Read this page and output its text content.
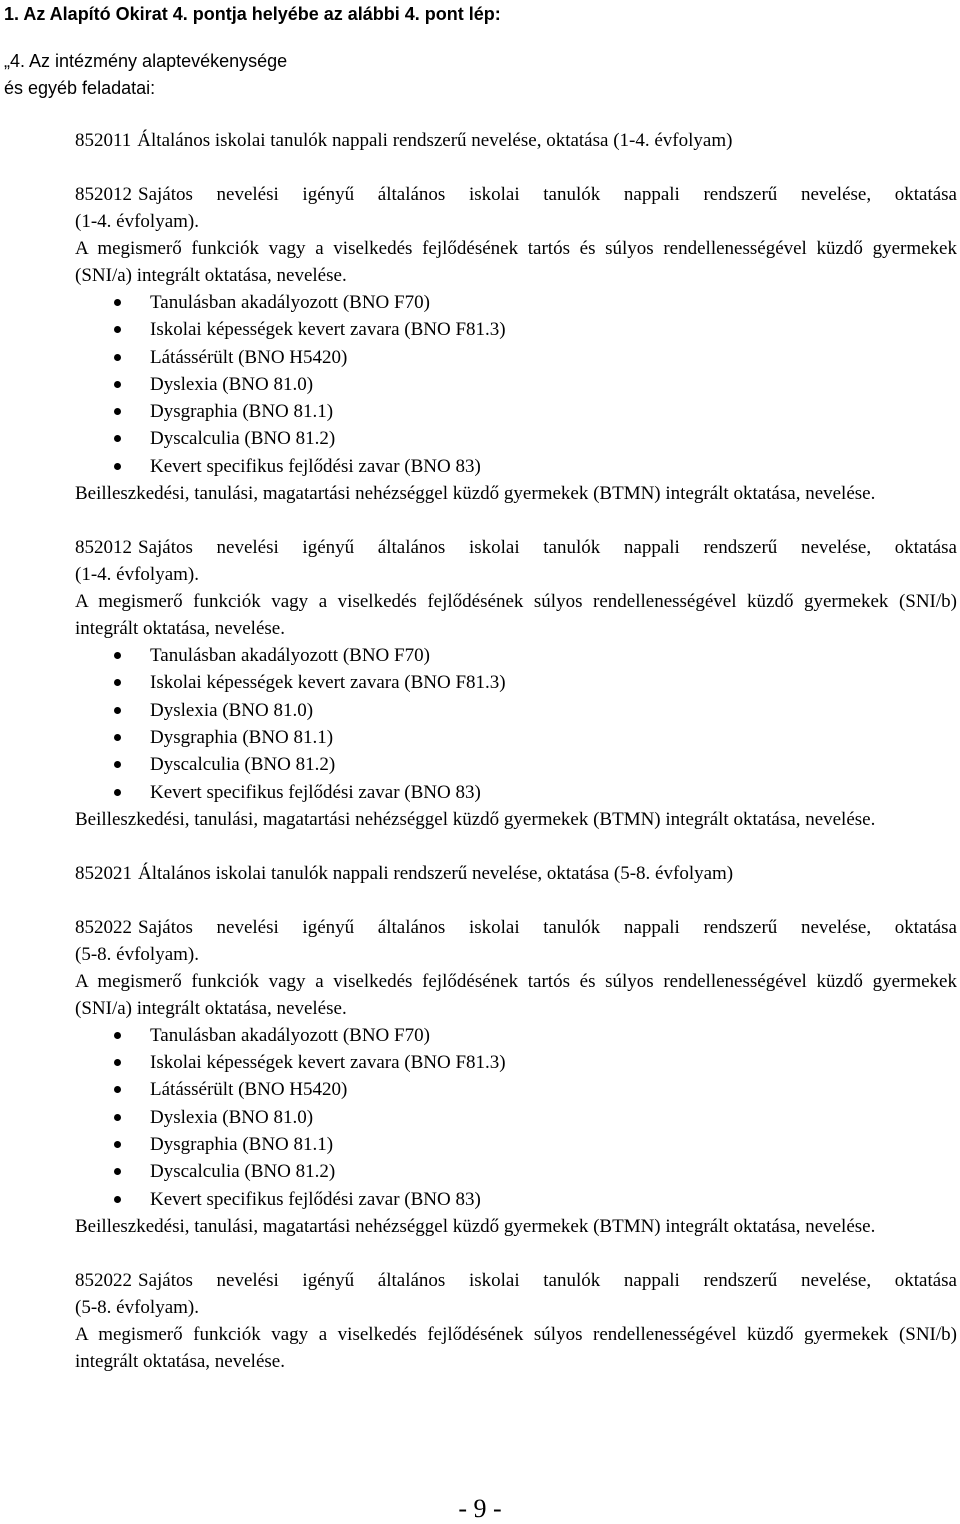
1. Az Alapító Okirat 4. pontja helyébe az alábbi 4. pont lép:
„4. Az intézmény alaptevékenysége
és egyéb feladatai:

852011 Általános iskolai tanulók nappali rendszerű nevelése, oktatása (1-4. évfolyam)

852012 Sajátos nevelési igényű általános iskolai tanulók nappali rendszerű nevelése, oktatása

(1-4. évfolyam).

A megismerő funkciók vagy a viselkedés fejlődésének tartós és súlyos rendellenességével küzdő gyermekek (SNI/a) integrált oktatása, nevelése.

Tanulásban akadályozott (BNO F70)
Iskolai képességek kevert zavara (BNO F81.3)
Látássérült (BNO H5420)
Dyslexia (BNO 81.0)
Dysgraphia (BNO 81.1)
Dyscalculia (BNO 81.2)
Kevert specifikus fejlődési zavar (BNO 83)

Beilleszkedési, tanulási, magatartási nehézséggel küzdő gyermekek (BTMN) integrált oktatása, nevelése.

852012 Sajátos nevelési igényű általános iskolai tanulók nappali rendszerű nevelése, oktatása

(1-4. évfolyam).

A megismerő funkciók vagy a viselkedés fejlődésének súlyos rendellenességével küzdő gyermekek (SNI/b) integrált oktatása, nevelése.

Tanulásban akadályozott (BNO F70)
Iskolai képességek kevert zavara (BNO F81.3)
Dyslexia (BNO 81.0)
Dysgraphia (BNO 81.1)
Dyscalculia (BNO 81.2)
Kevert specifikus fejlődési zavar (BNO 83)

Beilleszkedési, tanulási, magatartási nehézséggel küzdő gyermekek (BTMN) integrált oktatása, nevelése.

852021 Általános iskolai tanulók nappali rendszerű nevelése, oktatása (5-8. évfolyam)

852022 Sajátos nevelési igényű általános iskolai tanulók nappali rendszerű nevelése, oktatása

(5-8. évfolyam).

A megismerő funkciók vagy a viselkedés fejlődésének tartós és súlyos rendellenességével küzdő gyermekek (SNI/a) integrált oktatása, nevelése.

Tanulásban akadályozott (BNO F70)
Iskolai képességek kevert zavara (BNO F81.3)
Látássérült (BNO H5420)
Dyslexia (BNO 81.0)
Dysgraphia (BNO 81.1)
Dyscalculia (BNO 81.2)
Kevert specifikus fejlődési zavar (BNO 83)

Beilleszkedési, tanulási, magatartási nehézséggel küzdő gyermekek (BTMN) integrált oktatása, nevelése.

852022 Sajátos nevelési igényű általános iskolai tanulók nappali rendszerű nevelése, oktatása

(5-8. évfolyam).

A megismerő funkciók vagy a viselkedés fejlődésének súlyos rendellenességével küzdő gyermekek (SNI/b) integrált oktatása, nevelése.

- 9 -
